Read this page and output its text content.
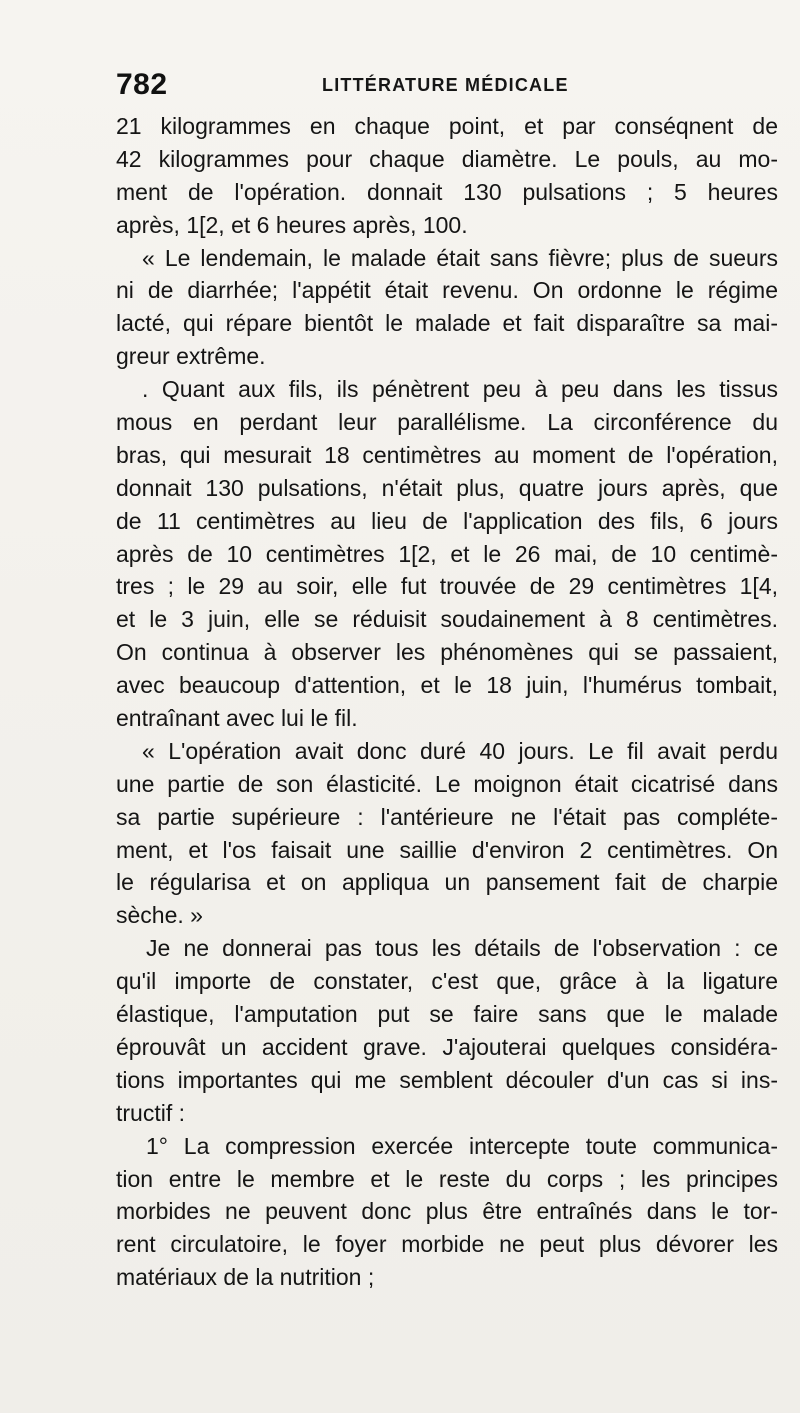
782	LITTÉRATURE MÉDICALE
21 kilogrammes en chaque point, et par conséqnent de
42 kilogrammes pour chaque diamètre. Le pouls, au mo-
ment de l'opération. donnait 130 pulsations ; 5 heures
après, 1[2, et 6 heures après, 100.
« Le lendemain, le malade était sans fièvre; plus de sueurs
ni de diarrhée; l'appétit était revenu. On ordonne le régime
lacté, qui répare bientôt le malade et fait disparaître sa mai-
greur extrême.
. Quant aux fils, ils pénètrent peu à peu dans les tissus
mous en perdant leur parallélisme. La circonférence du
bras, qui mesurait 18 centimètres au moment de l'opération,
donnait 130 pulsations, n'était plus, quatre jours après, que
de 11 centimètres au lieu de l'application des fils, 6 jours
après de 10 centimètres 1[2, et le 26 mai, de 10 centimè-
tres ; le 29 au soir, elle fut trouvée de 29 centimètres 1[4,
et le 3 juin, elle se réduisit soudainement à 8 centimètres.
On continua à observer les phénomènes qui se passaient,
avec beaucoup d'attention, et le 18 juin, l'humérus tombait,
entraînant avec lui le fil.
« L'opération avait donc duré 40 jours. Le fil avait perdu
une partie de son élasticité. Le moignon était cicatrisé dans
sa partie supérieure : l'antérieure ne l'était pas compléte-
ment, et l'os faisait une saillie d'environ 2 centimètres. On
le régularisa et on appliqua un pansement fait de charpie
sèche. »
Je ne donnerai pas tous les détails de l'observation : ce
qu'il importe de constater, c'est que, grâce à la ligature
élastique, l'amputation put se faire sans que le malade
éprouvât un accident grave. J'ajouterai quelques considéra-
tions importantes qui me semblent découler d'un cas si ins-
tructif :
1° La compression exercée intercepte toute communica-
tion entre le membre et le reste du corps ; les principes
morbides ne peuvent donc plus être entraînés dans le tor-
rent circulatoire, le foyer morbide ne peut plus dévorer les
matériaux de la nutrition ;
